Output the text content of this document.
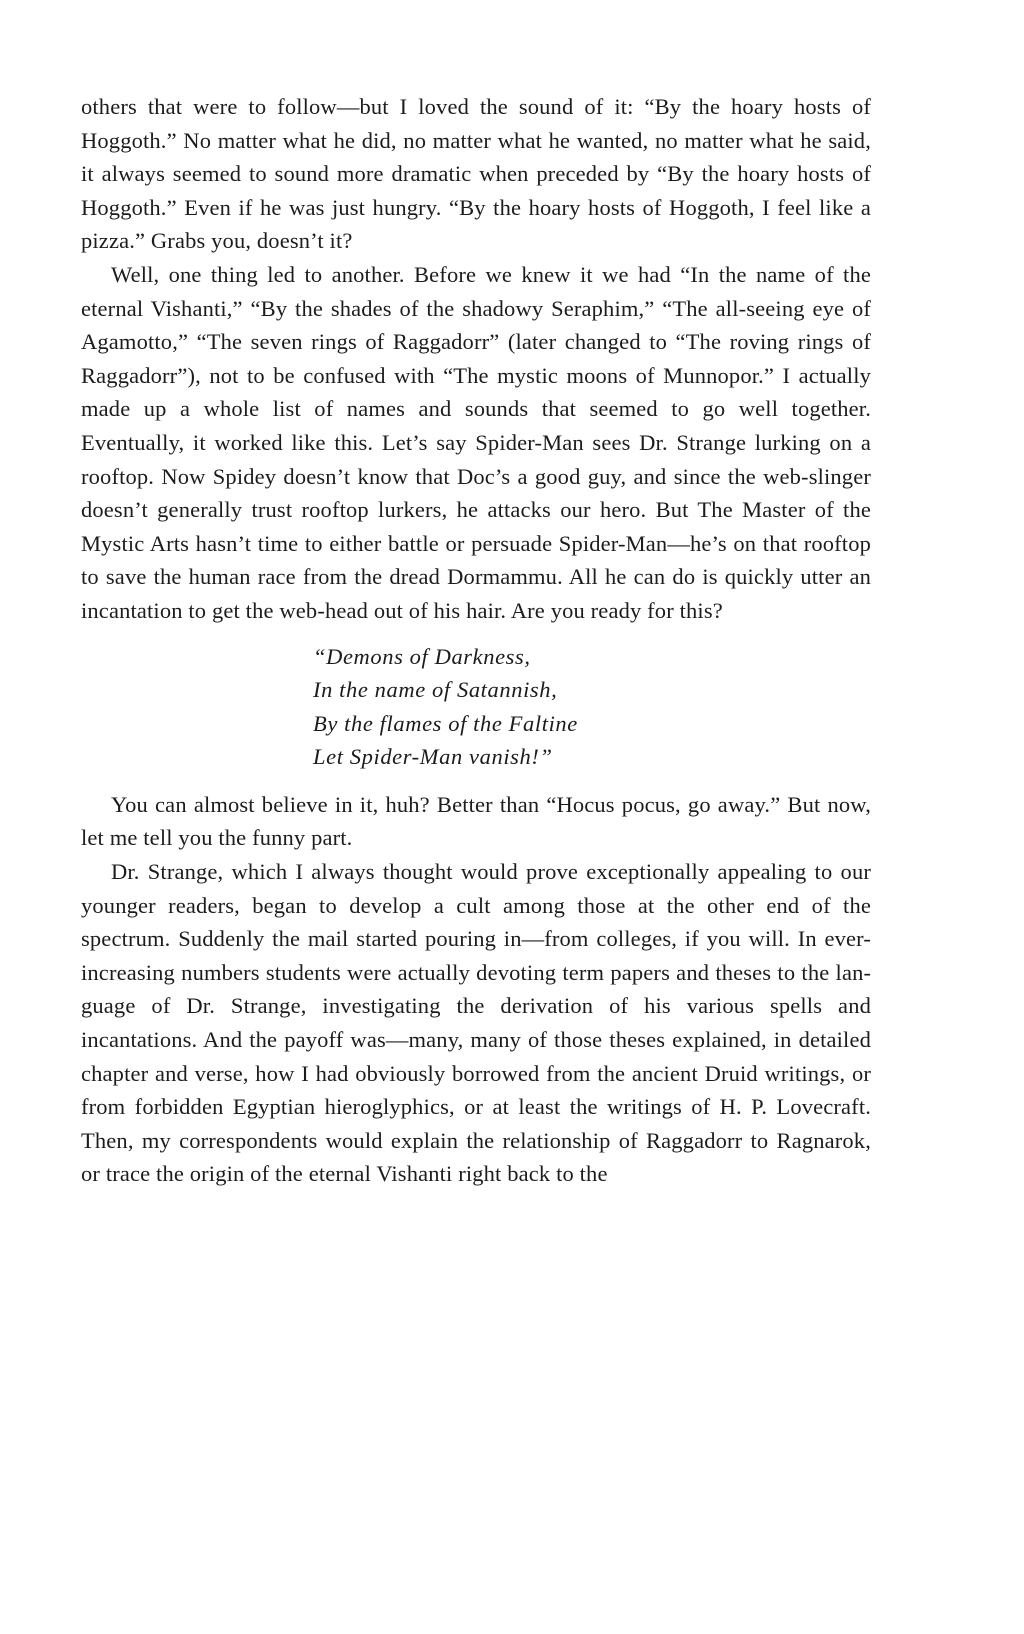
others that were to follow—but I loved the sound of it: “By the hoary hosts of Hoggoth.” No matter what he did, no matter what he wanted, no matter what he said, it always seemed to sound more dramatic when preceded by “By the hoary hosts of Hoggoth.” Even if he was just hungry. “By the hoary hosts of Hoggoth, I feel like a pizza.” Grabs you, doesn’t it?

Well, one thing led to another. Before we knew it we had “In the name of the eternal Vishanti,” “By the shades of the shadowy Seraphim,” “The all-seeing eye of Agamotto,” “The seven rings of Raggadorr” (later changed to “The roving rings of Raggadorr”), not to be confused with “The mystic moons of Munnopor.” I actually made up a whole list of names and sounds that seemed to go well together. Eventually, it worked like this. Let’s say Spider-Man sees Dr. Strange lurking on a rooftop. Now Spidey doesn’t know that Doc’s a good guy, and since the web-slinger doesn’t generally trust rooftop lurkers, he attacks our hero. But The Master of the Mystic Arts hasn’t time to either battle or persuade Spider-Man—he’s on that rooftop to save the human race from the dread Dormammu. All he can do is quickly utter an incantation to get the web-head out of his hair. Are you ready for this?

“Demons of Darkness,
In the name of Satannish,
By the flames of the Faltine
Let Spider-Man vanish!”

You can almost believe in it, huh? Better than “Hocus pocus, go away.” But now, let me tell you the funny part.

Dr. Strange, which I always thought would prove exceptionally appealing to our younger readers, began to develop a cult among those at the other end of the spectrum. Suddenly the mail started pouring in—from colleges, if you will. In ever-increasing numbers students were actually devoting term papers and theses to the language of Dr. Strange, investigating the derivation of his various spells and incantations. And the payoff was—many, many of those theses explained, in detailed chapter and verse, how I had obviously borrowed from the ancient Druid writings, or from forbidden Egyptian hieroglyphics, or at least the writings of H. P. Lovecraft. Then, my correspondents would explain the relationship of Raggadorr to Ragnarok, or trace the origin of the eternal Vishanti right back to the
